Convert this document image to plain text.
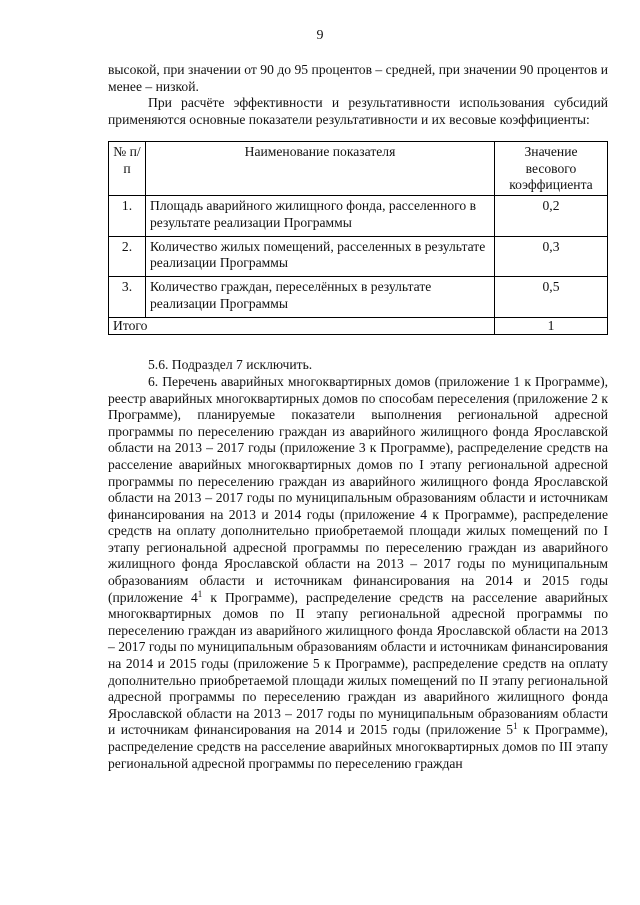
9

высокой, при значении от 90 до 95 процентов – средней, при значении 90 процентов и менее – низкой.

При расчёте эффективности и результативности использования субсидий применяются основные показатели результативности и их весовые коэффициенты:

№ п/п	Наименование показателя	Значение весового коэффициента
1.	Площадь аварийного жилищного фонда, расселенного в результате реализации Программы	0,2
2.	Количество жилых помещений, расселенных в результате реализации Программы	0,3
3.	Количество граждан, переселённых в результате реализации Программы	0,5
Итого		1

5.6. Подраздел 7 исключить.

6. Перечень аварийных многоквартирных домов (приложение 1 к Программе), реестр аварийных многоквартирных домов по способам переселения (приложение 2 к Программе), планируемые показатели выполнения региональной адресной программы по переселению граждан из аварийного жилищного фонда Ярославской области на 2013 – 2017 годы (приложение 3 к Программе), распределение средств на расселение аварийных многоквартирных домов по I этапу региональной адресной программы по переселению граждан из аварийного жилищного фонда Ярославской области на 2013 – 2017 годы по муниципальным образованиям области и источникам финансирования на 2013 и 2014 годы (приложение 4 к Программе), распределение средств на оплату дополнительно приобретаемой площади жилых помещений по I этапу региональной адресной программы по переселению граждан из аварийного жилищного фонда Ярославской области на 2013 – 2017 годы по муниципальным образованиям области и источникам финансирования на 2014 и 2015 годы (приложение $4^1$ к Программе), распределение средств на расселение аварийных многоквартирных домов по II этапу региональной адресной программы по переселению граждан из аварийного жилищного фонда Ярославской области на 2013 – 2017 годы по муниципальным образованиям области и источникам финансирования на 2014 и 2015 годы (приложение 5 к Программе), распределение средств на оплату дополнительно приобретаемой площади жилых помещений по II этапу региональной адресной программы по переселению граждан из аварийного жилищного фонда Ярославской области на 2013 – 2017 годы по муниципальным образованиям области и источникам финансирования на 2014 и 2015 годы (приложение $5^1$ к Программе), распределение средств на расселение аварийных многоквартирных домов по III этапу региональной адресной программы по переселению граждан
